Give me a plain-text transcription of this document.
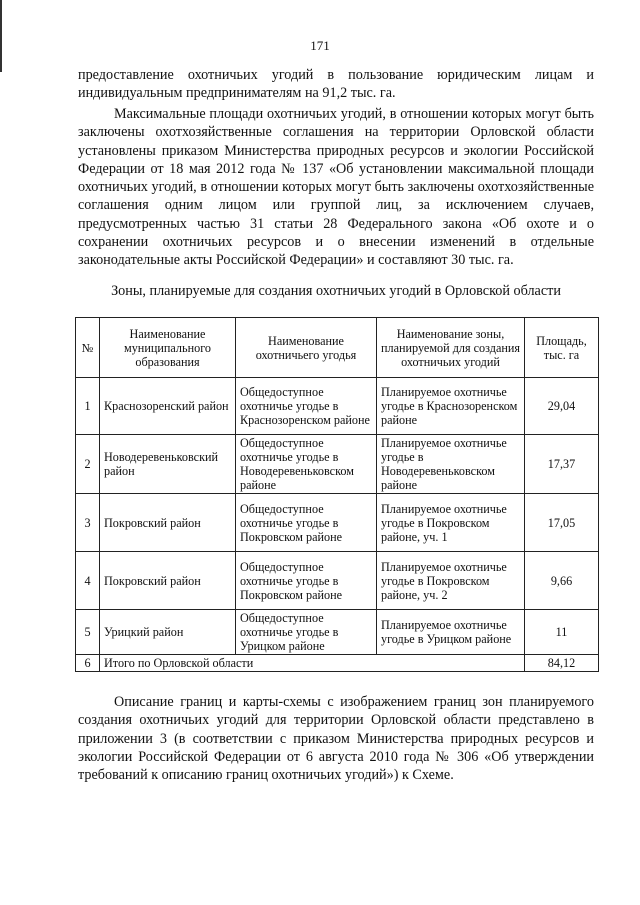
171

предоставление охотничьих угодий в пользование юридическим лицам и индивидуальным предпринимателям на 91,2 тыс. га.

Максимальные площади охотничьих угодий, в отношении которых могут быть заключены охотхозяйственные соглашения на территории Орловской области установлены приказом Министерства природных ресурсов и экологии Российской Федерации от 18 мая 2012 года № 137 «Об установлении максимальной площади охотничьих угодий, в отношении которых могут быть заключены охотхозяйственные соглашения одним лицом или группой лиц, за исключением случаев, предусмотренных частью 31 статьи 28 Федерального закона «Об охоте и о сохранении охотничьих ресурсов и о внесении изменений в отдельные законодательные акты Российской Федерации» и составляют 30 тыс. га.

Зоны, планируемые для создания охотничьих угодий в Орловской области
№	Наименование муниципального образования	Наименование охотничьего угодья	Наименование зоны, планируемой для создания охотничьих угодий	Площадь, тыс. га
1	Краснозоренский район	Общедоступное охотничье угодье в Краснозоренском районе	Планируемое охотничье угодье в Краснозоренском районе	29,04
2	Новодеревеньковский район	Общедоступное охотничье угодье в Новодеревеньковском районе	Планируемое охотничье угодье в Новодеревеньковском районе	17,37
3	Покровский район	Общедоступное охотничье угодье в Покровском районе	Планируемое охотничье угодье в Покровском районе, уч. 1	17,05
4	Покровский район	Общедоступное охотничье угодье в Покровском районе	Планируемое охотничье угодье в Покровском районе, уч. 2	9,66
5	Урицкий район	Общедоступное охотничье угодье в Урицком районе	Планируемое охотничье угодье в Урицком районе	11
6	Итого по Орловской области			84,12

Описание границ и карты-схемы с изображением границ зон планируемого создания охотничьих угодий для территории Орловской области представлено в приложении 3 (в соответствии с приказом Министерства природных ресурсов и экологии Российской Федерации от 6 августа 2010 года № 306 «Об утверждении требований к описанию границ охотничьих угодий») к Схеме.
